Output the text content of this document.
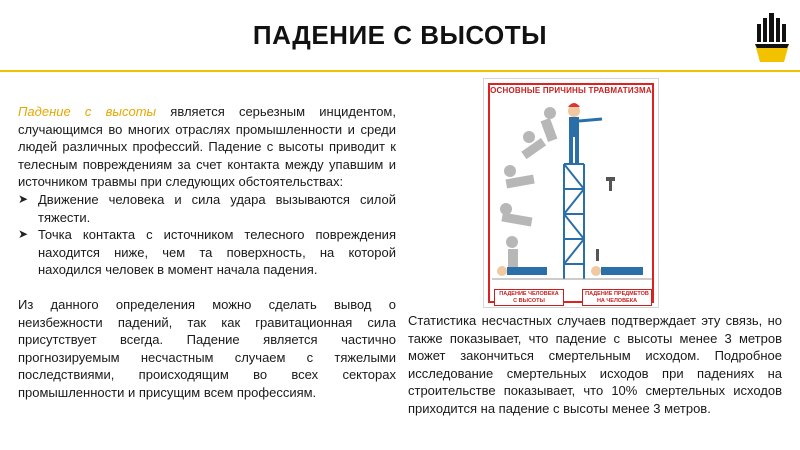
ПАДЕНИЕ С ВЫСОТЫ

Падение с высоты является серьезным инцидентом, случающимся во многих отраслях промышленности и среди людей различных профессий. Падение с высоты приводит к телесным повреждениям за счет контакта между упавшим и источником травмы при следующих обстоятельствах:

➤ Движение человека и сила удара вызываются силой тяжести.

➤ Точка контакта с источником телесного повреждения находится ниже, чем та поверхность, на которой находился человек в момент начала падения.

Из данного определения можно сделать вывод о неизбежности падений, так как гравитационная сила присутствует всегда. Падение является частично прогнозируемым несчастным случаем с тяжелыми последствиями, происходящим во всех секторах промышленности и присущим всем профессиям.

ОСНОВНЫЕ ПРИЧИНЫ ТРАВМАТИЗМА
ПАДЕНИЕ ЧЕЛОВЕКА С ВЫСОТЫ
ПАДЕНИЕ ПРЕДМЕТОВ НА ЧЕЛОВЕКА
Статистика несчастных случаев подтверждает эту связь, но также показывает, что падение с высоты менее 3 метров может закончиться смертельным исходом. Подробное исследование смертельных исходов при падениях на строительстве показывает, что 10% смертельных исходов приходится на падение с высоты менее 3 метров.
